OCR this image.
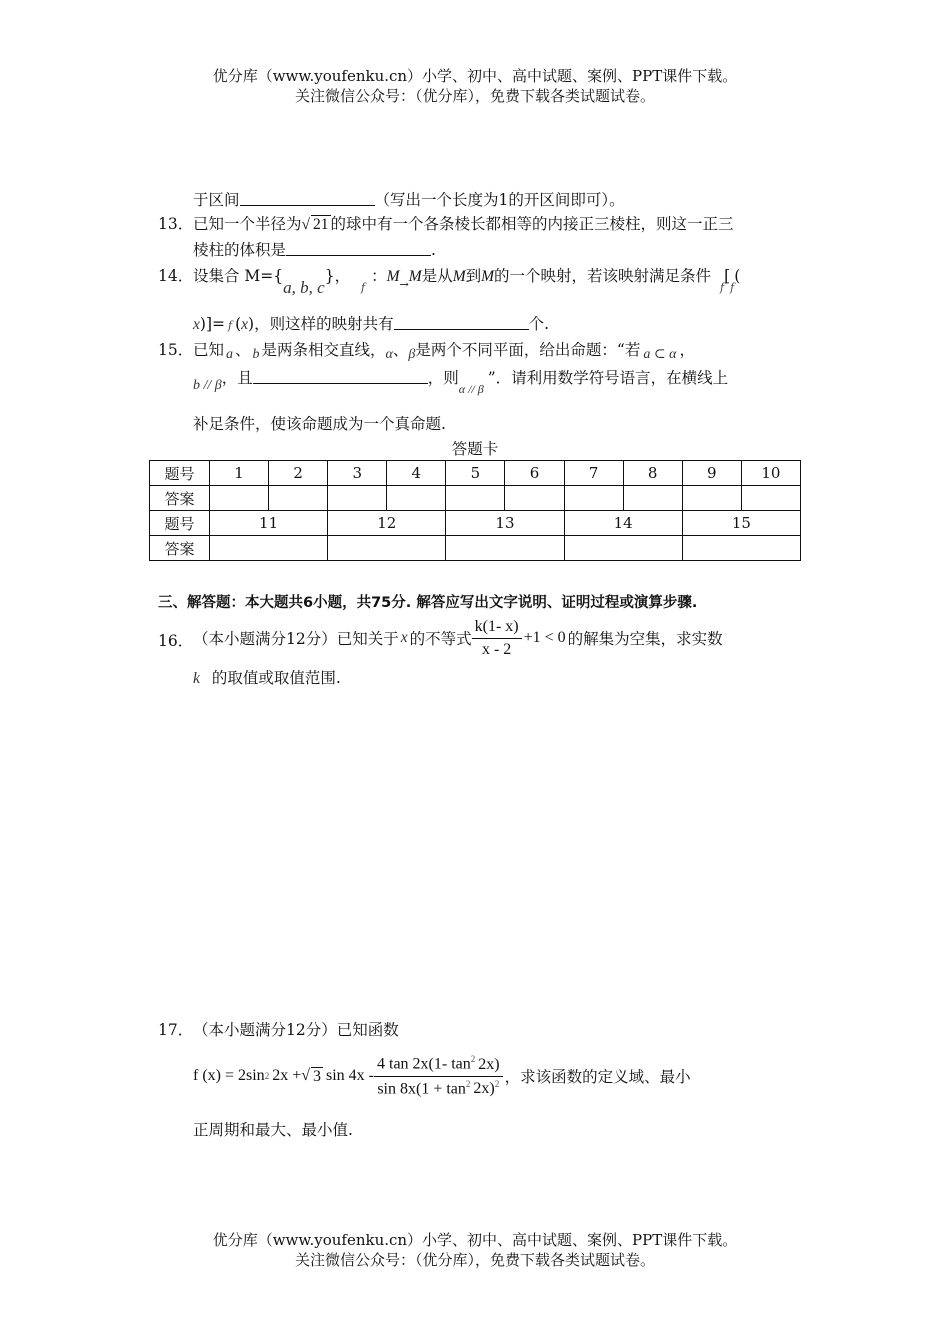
优分库（www.youfenku.cn）小学、初中、高中试题、案例、PPT课件下载。
关注微信公众号：（优分库），免费下载各类试题试卷。
于区间	（写出一个长度为1的开区间即可）。
13． 已知一个半径为√ 21 的球中有一个各条棱长都相等的内接正三棱柱，则这一正三
棱柱的体积是	.
14． 设集合 M={a, b, c}， $_f$：$M_\to M$是从M到M的一个映射，若该映射满足条件 $_f[_f$(
x)]= f (x)，则这样的映射共有	个.
15． 已知 a 、 b 是两条相交直线，α、β是两个不同平面，给出命题：“若 a ⊂ α ，
b // β，且	，则$_{\alpha // \beta}$”．请利用数学符号语言，在横线上
补足条件，使该命题成为一个真命题.
答题卡
题号	1	2	3	4	5	6	7	8	9	10
答案										
题号	11		12		13		14		15	
答案										
三、解答题：本大题共6小题，共75分. 解答应写出文字说明、证明过程或演算步骤.
16． （本小题满分12分）已知关于 x 的不等式 $\frac{k(1- x)}{x - 2} +1 < 0$ 的解集为空集，求实数
k 的取值或取值范围.
17． （本小题满分12分）已知函数
f (x) = 2sin 2 2x + √ 3 $\sin 4x - \frac{4 \tan 2x(1- \tan^2 2x)}{\sin 8x(1 + \tan^2 2x)^2}$ ，求该函数的定义域、最小
正周期和最大、最小值.
优分库（www.youfenku.cn）小学、初中、高中试题、案例、PPT课件下载。
关注微信公众号：（优分库），免费下载各类试题试卷。
